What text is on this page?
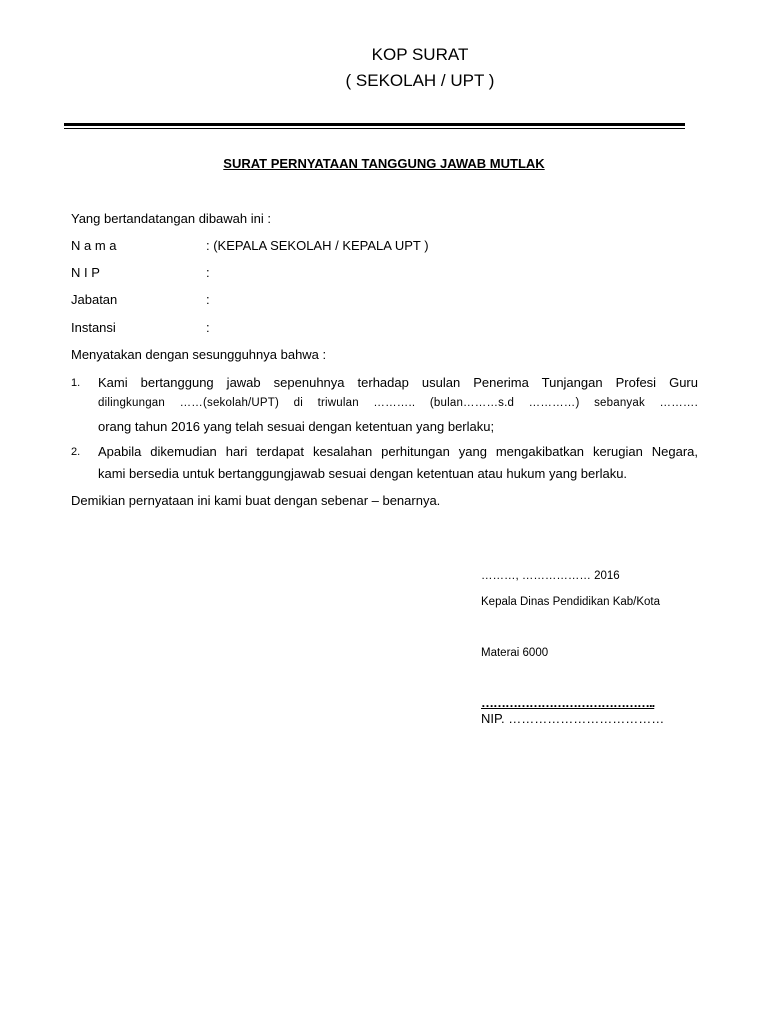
KOP SURAT
( SEKOLAH / UPT )
SURAT PERNYATAAN TANGGUNG JAWAB MUTLAK
Yang bertandatangan dibawah ini :
N a m a	: (KEPALA SEKOLAH / KEPALA UPT )
N I P	:
Jabatan	:
Instansi	:
Menyatakan dengan sesungguhnya bahwa :
1. Kami bertanggung jawab sepenuhnya terhadap usulan Penerima Tunjangan Profesi Guru
dilingkungan ……(sekolah/UPT) di triwulan ……….. (bulan………s.d …………) sebanyak ……….
orang tahun 2016 yang telah sesuai dengan ketentuan yang berlaku;
2. Apabila dikemudian hari terdapat kesalahan perhitungan yang mengakibatkan kerugian Negara,
kami bersedia untuk bertanggungjawab sesuai dengan ketentuan atau hukum yang berlaku.
Demikian pernyataan ini kami buat dengan sebenar – benarnya.
………, ……………… 2016
Kepala Dinas Pendidikan Kab/Kota
Materai 6000
……………………………………..
NIP. ………………………………
